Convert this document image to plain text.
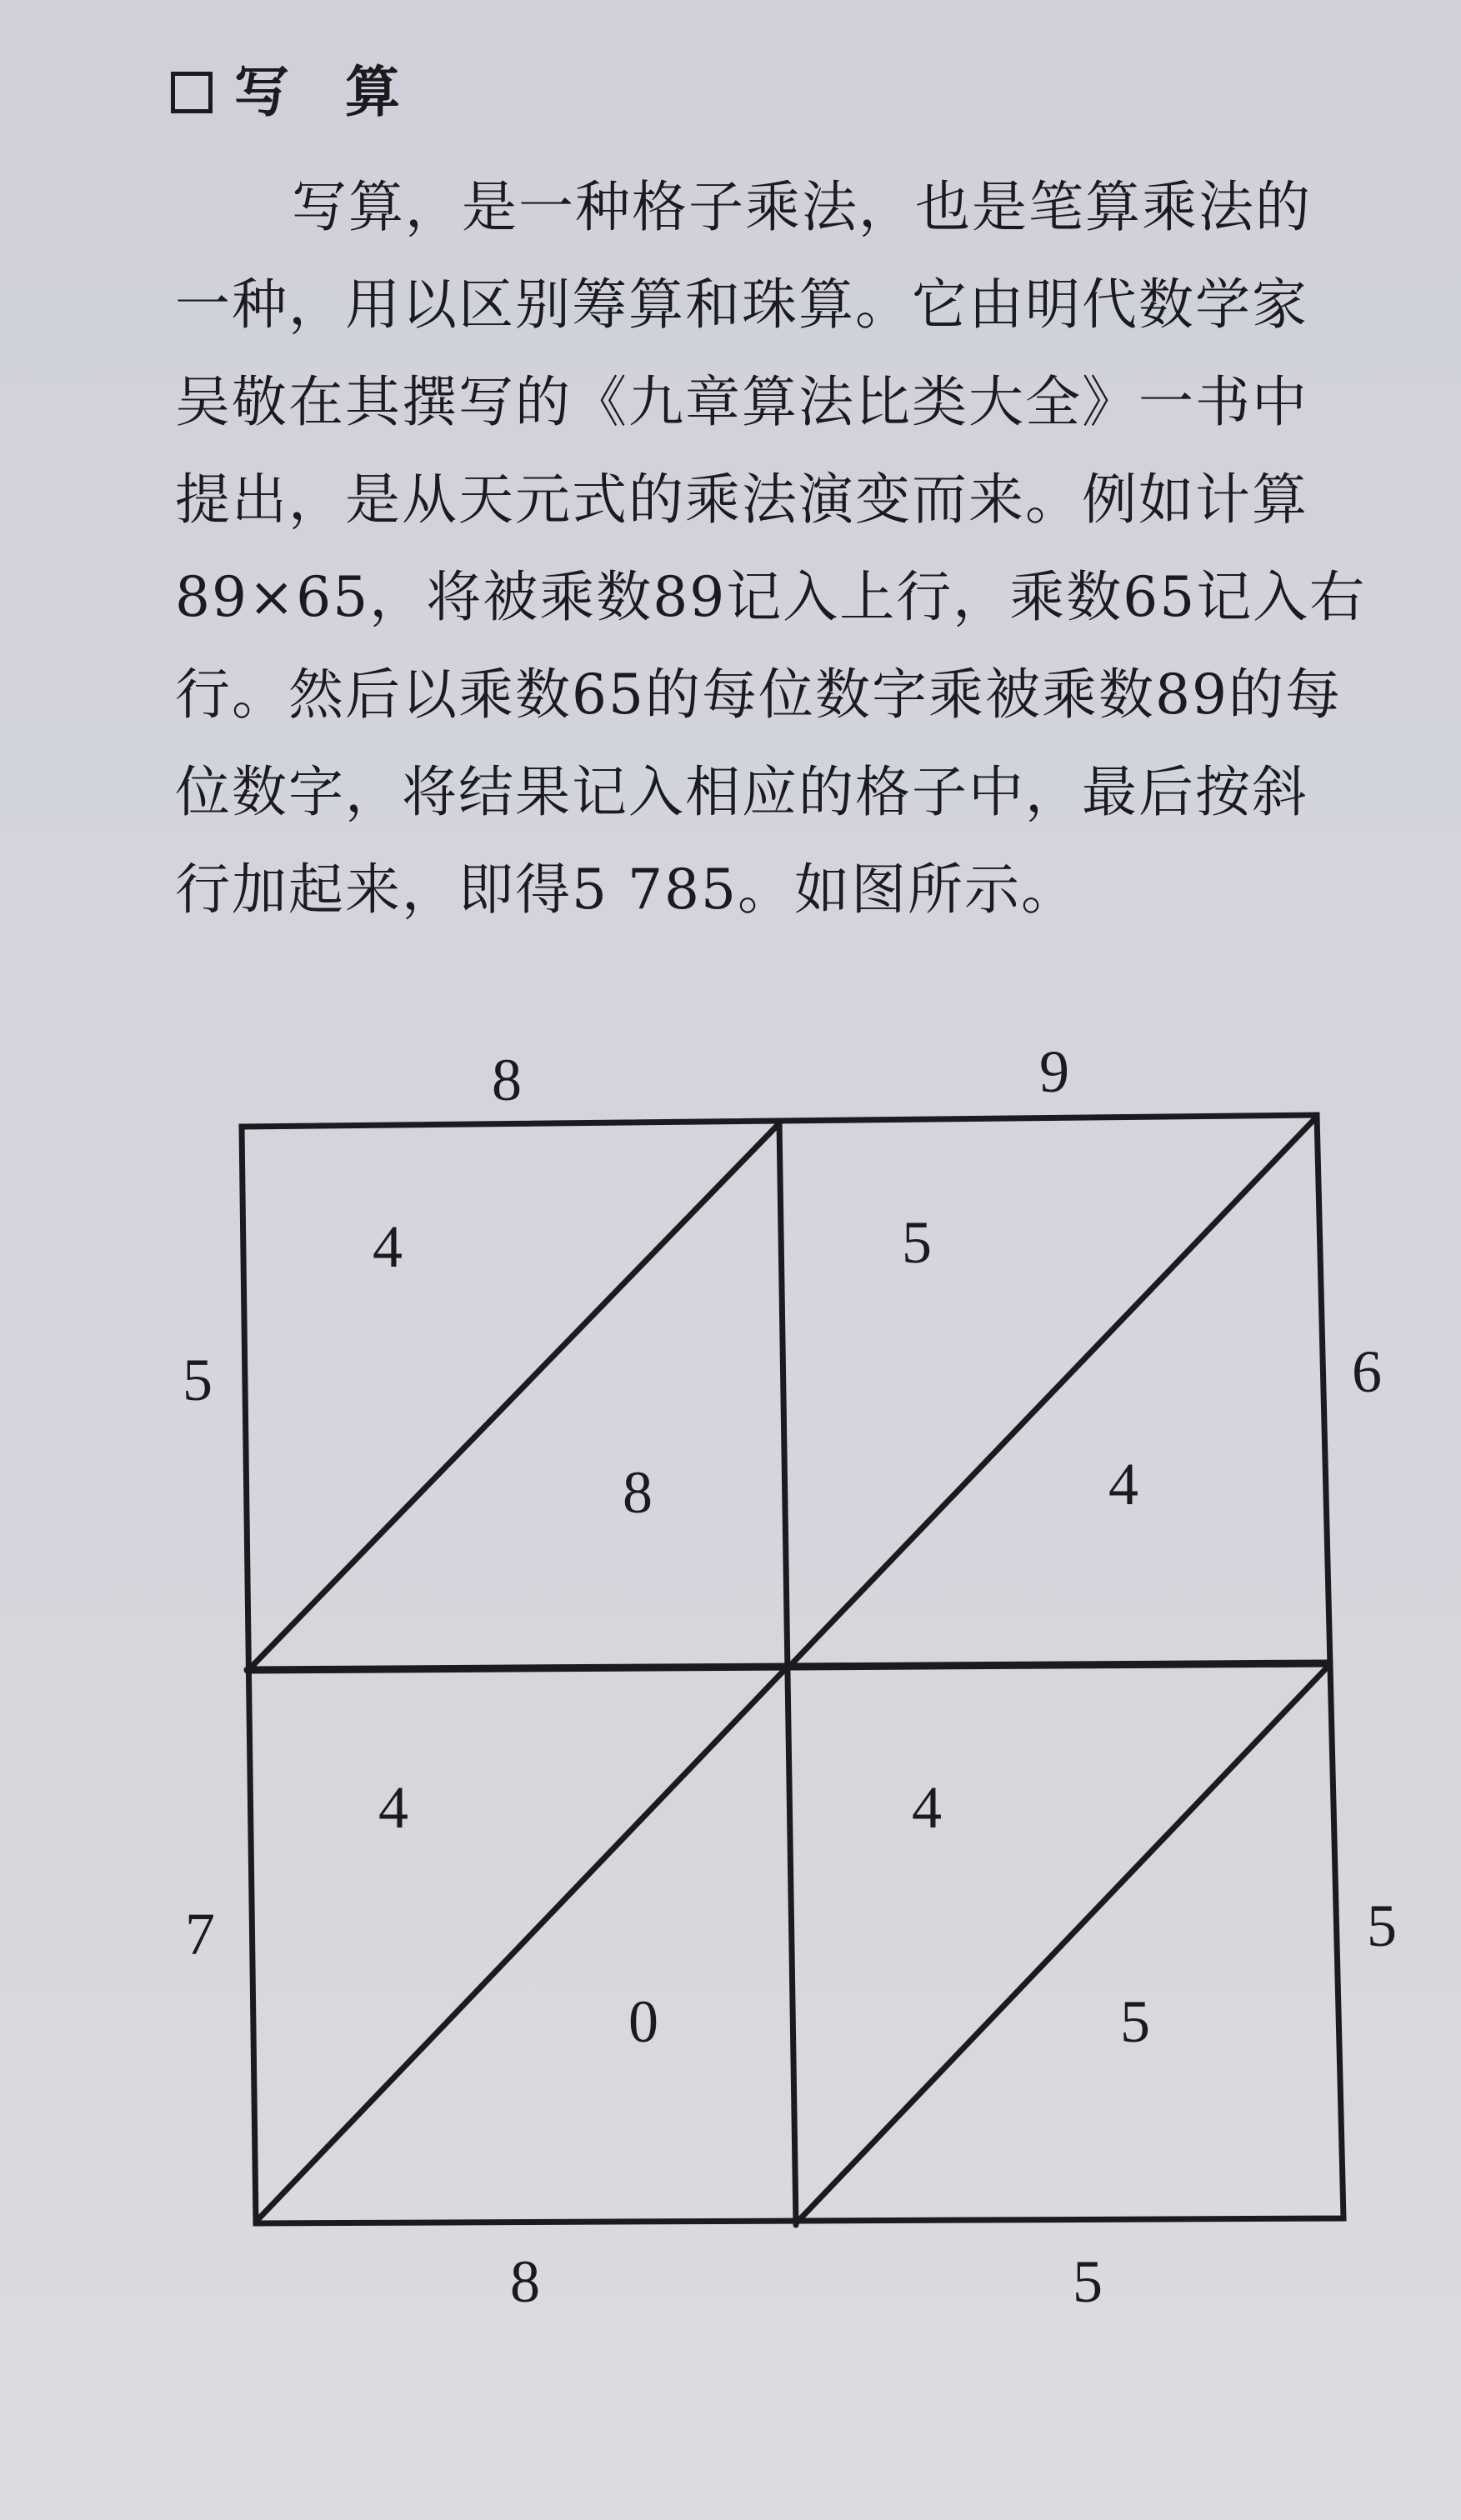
写 算
写算，是一种格子乘法，也是笔算乘法的
一种，用以区别筹算和珠算。它由明代数学家
吴敬在其撰写的《九章算法比类大全》一书中
提出，是从天元式的乘法演变而来。例如计算
89×65，将被乘数89记入上行，乘数65记入右
行。然后以乘数65的每位数字乘被乘数89的每
位数字，将结果记入相应的格子中，最后按斜
行加起来，即得5 785。如图所示。
8	9
5
7
6
5
8	5
4
8
5
4
4
0
4
5
